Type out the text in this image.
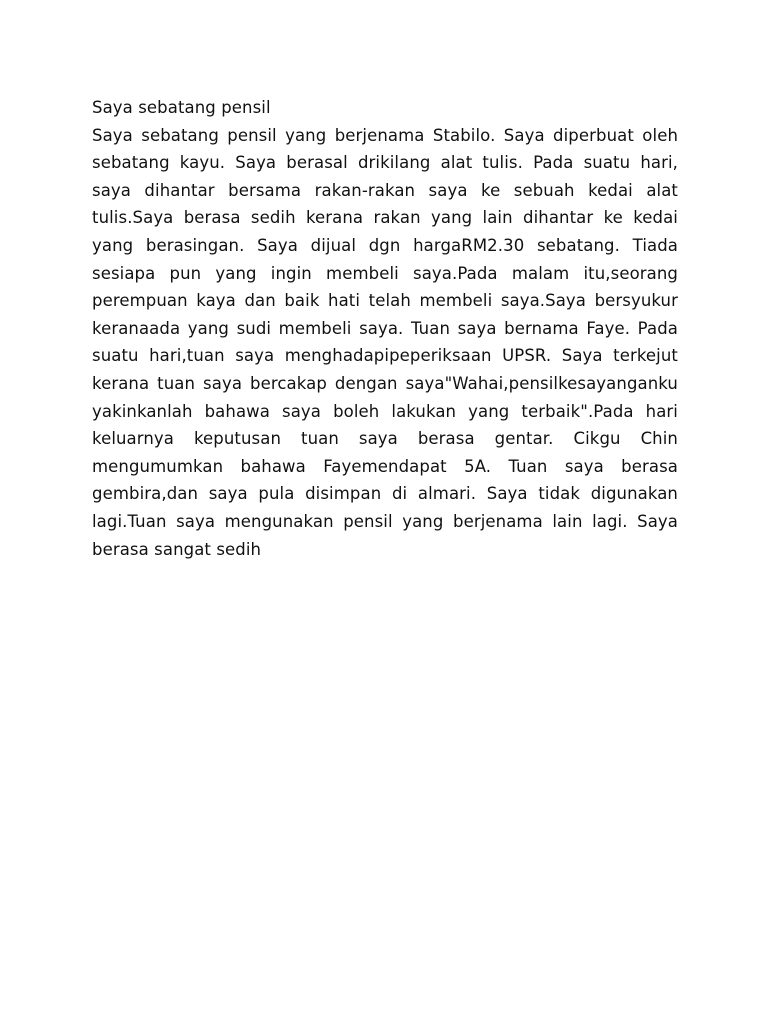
Saya sebatang pensil

Saya sebatang pensil yang berjenama Stabilo. Saya diperbuat oleh sebatang kayu. Saya berasal drikilang alat tulis. Pada suatu hari, saya dihantar bersama rakan-rakan saya ke sebuah kedai alat tulis.Saya berasa sedih kerana rakan yang lain dihantar ke kedai yang berasingan. Saya dijual dgn hargaRM2.30 sebatang. Tiada sesiapa pun yang ingin membeli saya.Pada malam itu,seorang perempuan kaya dan baik hati telah membeli saya.Saya bersyukur keranaada yang sudi membeli saya. Tuan saya bernama Faye. Pada suatu hari,tuan saya menghadapipeperiksaan UPSR. Saya terkejut kerana tuan saya bercakap dengan saya"Wahai,pensilkesayanganku yakinkanlah bahawa saya boleh lakukan yang terbaik".Pada hari keluarnya keputusan tuan saya berasa gentar. Cikgu Chin mengumumkan bahawa Fayemendapat 5A. Tuan saya berasa gembira,dan saya pula disimpan di almari. Saya tidak digunakan lagi.Tuan saya mengunakan pensil yang berjenama lain lagi. Saya berasa sangat sedih
